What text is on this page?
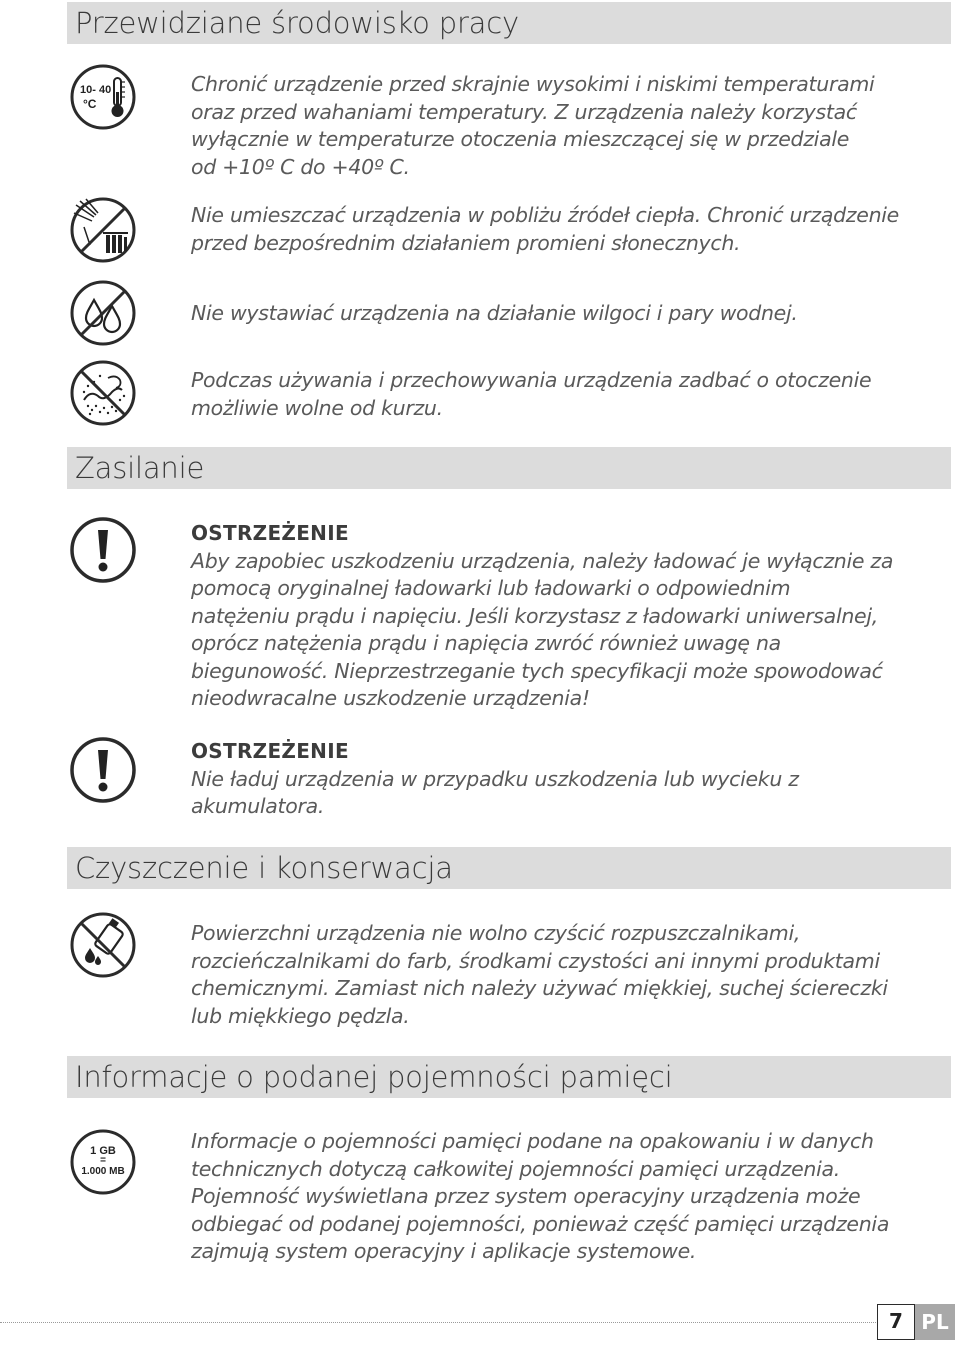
Przewidziane środowisko pracy
10- 40
°C
Chronić urządzenie przed skrajnie wysokimi i niskimi temperaturami
oraz przed wahaniami temperatury. Z urządzenia należy korzystać
wyłącznie w temperaturze otoczenia mieszczącej się w przedziale
od +10º C do +40º C.
Nie umieszczać urządzenia w pobliżu źródeł ciepła. Chronić urządzenie
przed bezpośrednim działaniem promieni słonecznych.
Nie wystawiać urządzenia na działanie wilgoci i pary wodnej.
Podczas używania i przechowywania urządzenia zadbać o otoczenie
możliwie wolne od kurzu.
Zasilanie
OSTRZEŻENIE
Aby zapobiec uszkodzeniu urządzenia, należy ładować je wyłącznie za
pomocą oryginalnej ładowarki lub ładowarki o odpowiednim
natężeniu prądu i napięciu. Jeśli korzystasz z ładowarki uniwersalnej,
oprócz natężenia prądu i napięcia zwróć również uwagę na
biegunowość. Nieprzestrzeganie tych specyfikacji może spowodować
nieodwracalne uszkodzenie urządzenia!
OSTRZEŻENIE
Nie ładuj urządzenia w przypadku uszkodzenia lub wycieku z
akumulatora.
Czyszczenie i konserwacja
Powierzchni urządzenia nie wolno czyścić rozpuszczalnikami,
rozcieńczalnikami do farb, środkami czystości ani innymi produktami
chemicznymi. Zamiast nich należy używać miękkiej, suchej ściereczki
lub miękkiego pędzla.
Informacje o podanej pojemności pamięci
1 GB
=
1.000 MB
Informacje o pojemności pamięci podane na opakowaniu i w danych
technicznych dotyczą całkowitej pojemności pamięci urządzenia.
Pojemność wyświetlana przez system operacyjny urządzenia może
odbiegać od podanej pojemności, ponieważ część pamięci urządzenia
zajmują system operacyjny i aplikacje systemowe.
7 PL
